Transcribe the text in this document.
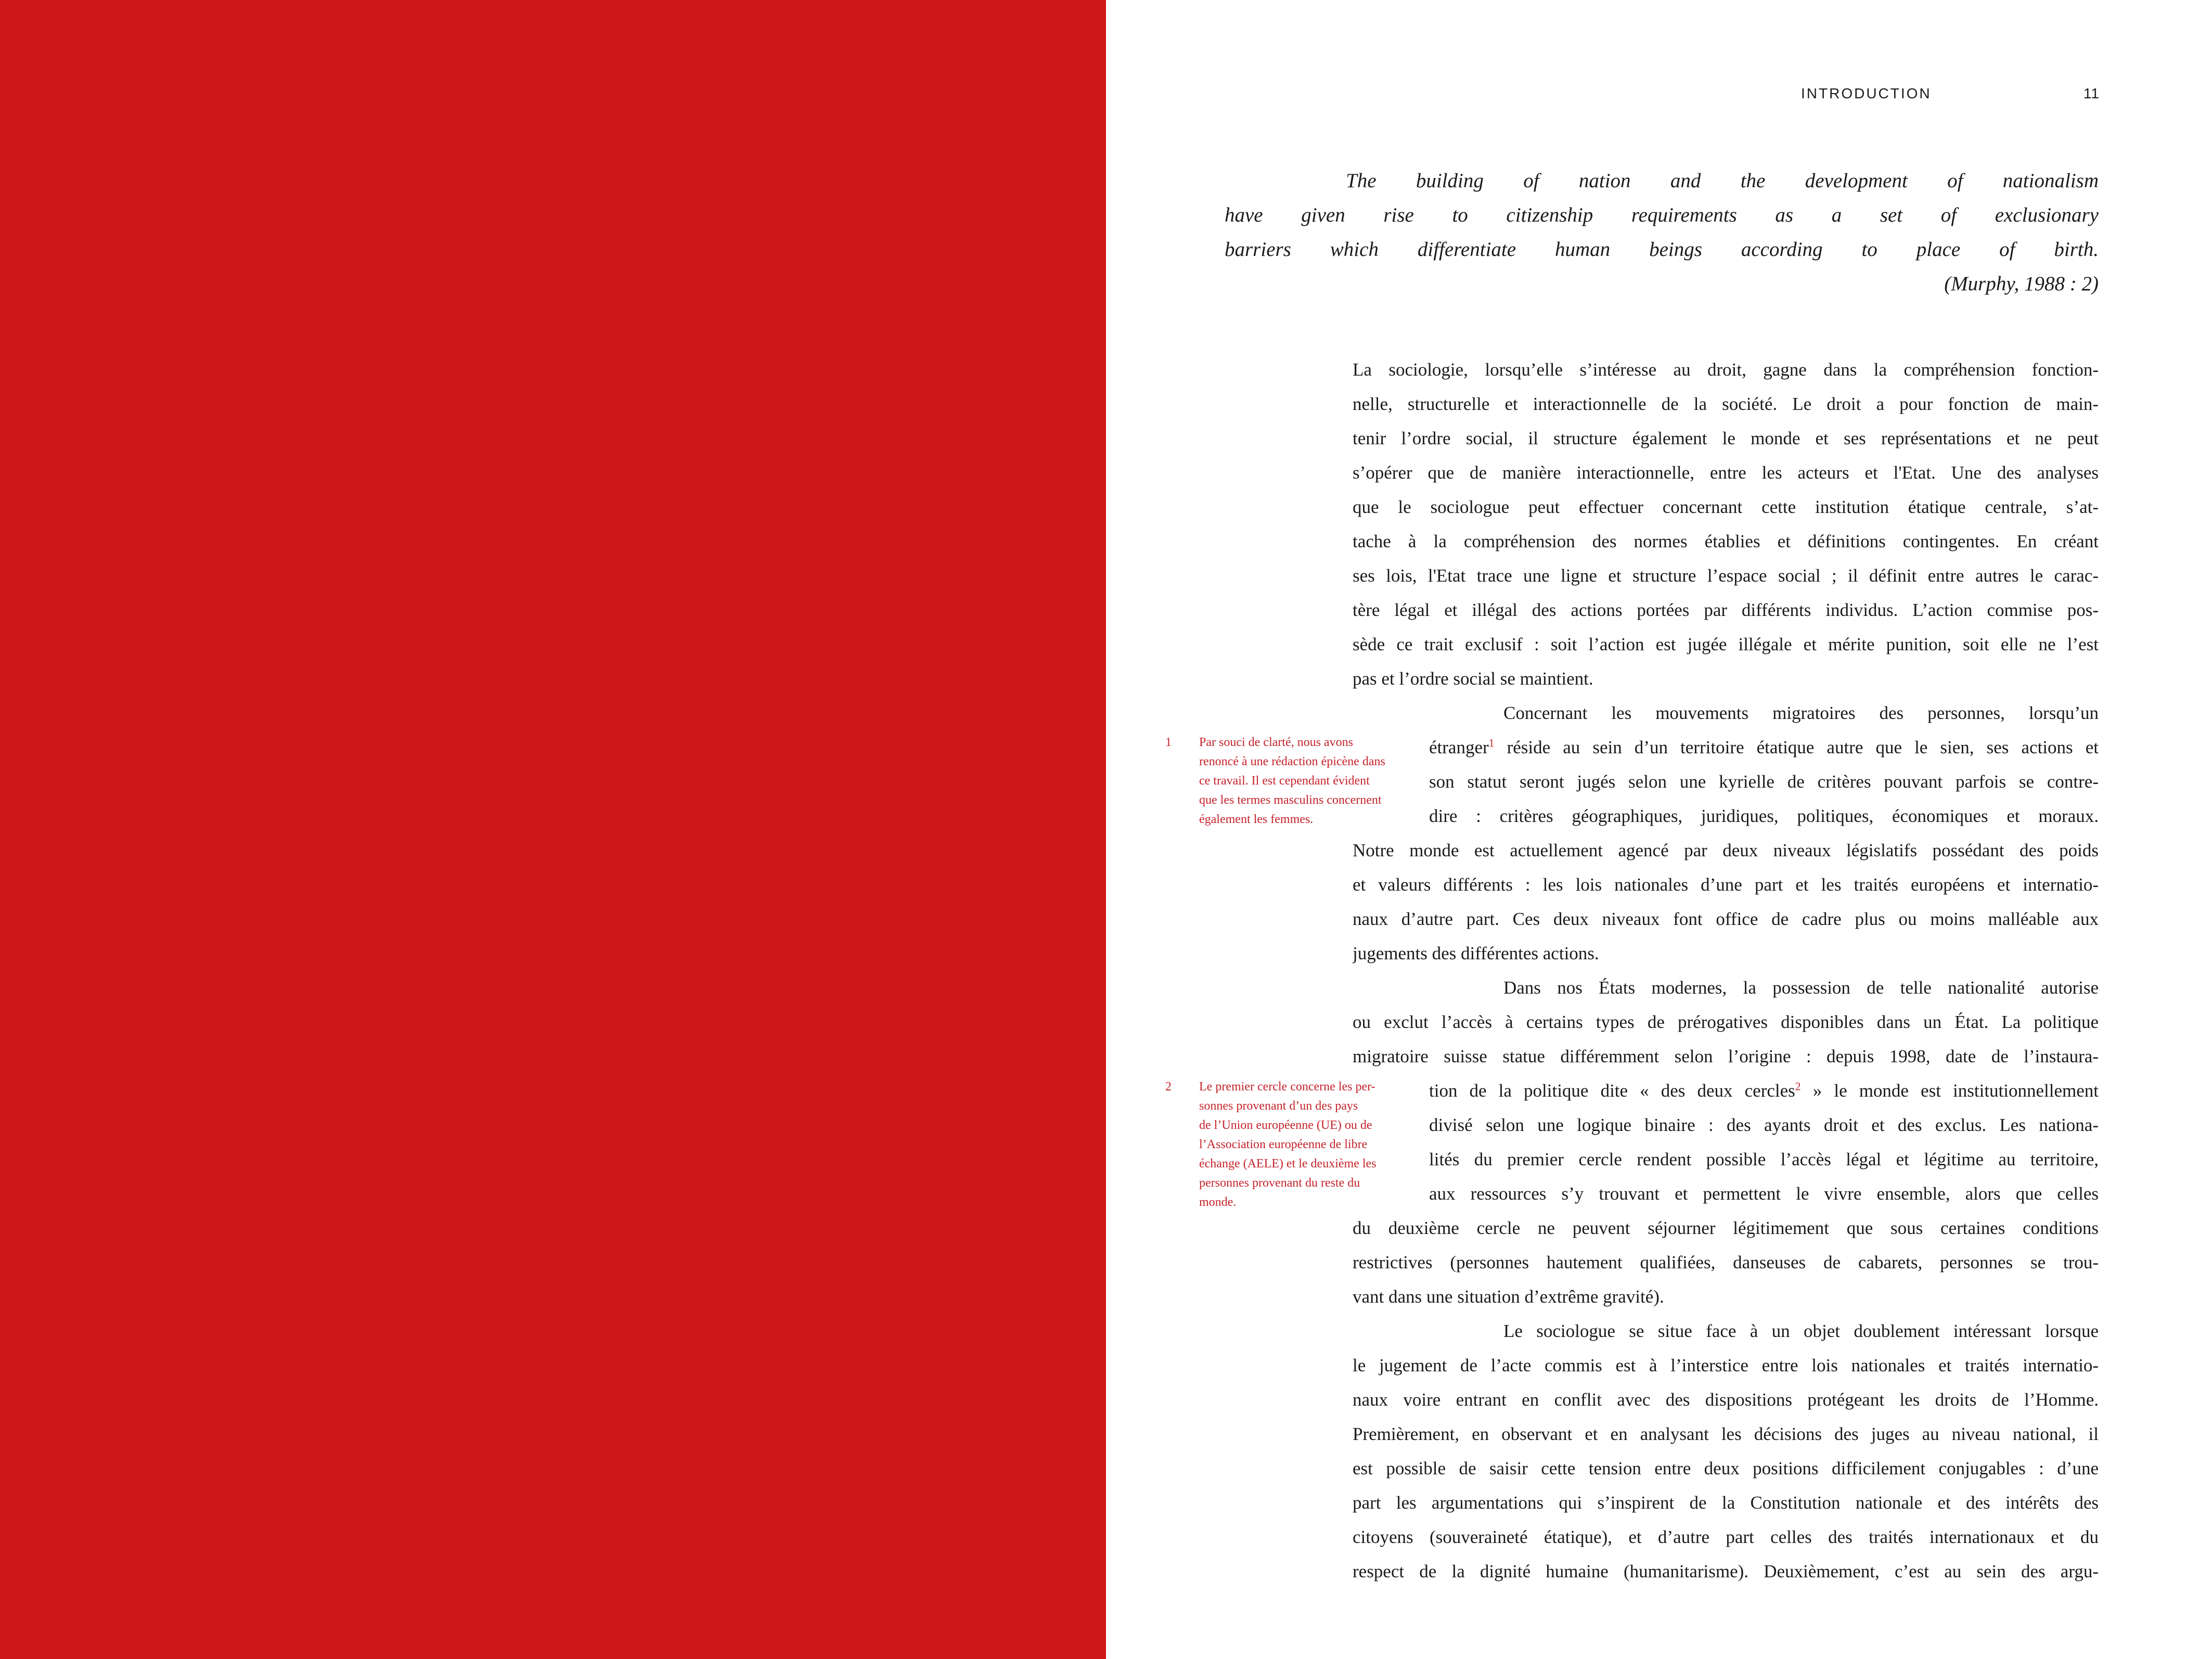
INTRODUCTION	11
The building of nation and the development of nationalism
have given rise to citizenship requirements as a set of exclusionary
barriers which differentiate human beings according to place of birth.
(Murphy, 1988 : 2)
La sociologie, lorsqu’elle s’intéresse au droit, gagne dans la compréhension fonction-
nelle, structurelle et interactionnelle de la société. Le droit a pour fonction de main-
tenir l’ordre social, il structure également le monde et ses représentations et ne peut
s’opérer que de manière interactionnelle, entre les acteurs et l'Etat. Une des analyses
que le sociologue peut effectuer concernant cette institution étatique centrale, s’at-
tache à la compréhension des normes établies et définitions contingentes. En créant
ses lois, l'Etat trace une ligne et structure l’espace social ; il définit entre autres le carac-
tère légal et illégal des actions portées par différents individus. L’action commise pos-
sède ce trait exclusif : soit l’action est jugée illégale et mérite punition, soit elle ne l’est
pas et l’ordre social se maintient.
Concernant les mouvements migratoires des personnes, lorsqu’un
étranger$^1$ réside au sein d’un territoire étatique autre que le sien, ses actions et
son statut seront jugés selon une kyrielle de critères pouvant parfois se contre-
dire : critères géographiques, juridiques, politiques, économiques et moraux.
Notre monde est actuellement agencé par deux niveaux législatifs possédant des poids
et valeurs différents : les lois nationales d’une part et les traités européens et internatio-
naux d’autre part. Ces deux niveaux font office de cadre plus ou moins malléable aux
jugements des différentes actions.
Dans nos États modernes, la possession de telle nationalité autorise
ou exclut l’accès à certains types de prérogatives disponibles dans un État. La politique
migratoire suisse statue différemment selon l’origine : depuis 1998, date de l’instaura-
tion de la politique dite « des deux cercles$^2$ » le monde est institutionnellement
divisé selon une logique binaire : des ayants droit et des exclus. Les nationa-
lités du premier cercle rendent possible l’accès légal et légitime au territoire,
aux ressources s’y trouvant et permettent le vivre ensemble, alors que celles
du deuxième cercle ne peuvent séjourner légitimement que sous certaines conditions
restrictives (personnes hautement qualifiées, danseuses de cabarets, personnes se trou-
vant dans une situation d’extrême gravité).
Le sociologue se situe face à un objet doublement intéressant lorsque
le jugement de l’acte commis est à l’interstice entre lois nationales et traités internatio-
naux voire entrant en conflit avec des dispositions protégeant les droits de l’Homme.
Premièrement, en observant et en analysant les décisions des juges au niveau national, il
est possible de saisir cette tension entre deux positions difficilement conjugables : d’une
part les argumentations qui s’inspirent de la Constitution nationale et des intérêts des
citoyens (souveraineté étatique), et d’autre part celles des traités internationaux et du
respect de la dignité humaine (humanitarisme). Deuxièmement, c’est au sein des argu-
1	Par souci de clarté, nous avons
renoncé à une rédaction épicène dans
ce travail. Il est cependant évident
que les termes masculins concernent
également les femmes.
2	Le premier cercle concerne les per-
sonnes provenant d’un des pays
de l’Union européenne (UE) ou de
l’Association européenne de libre
échange (AELE) et le deuxième les
personnes provenant du reste du
monde.
